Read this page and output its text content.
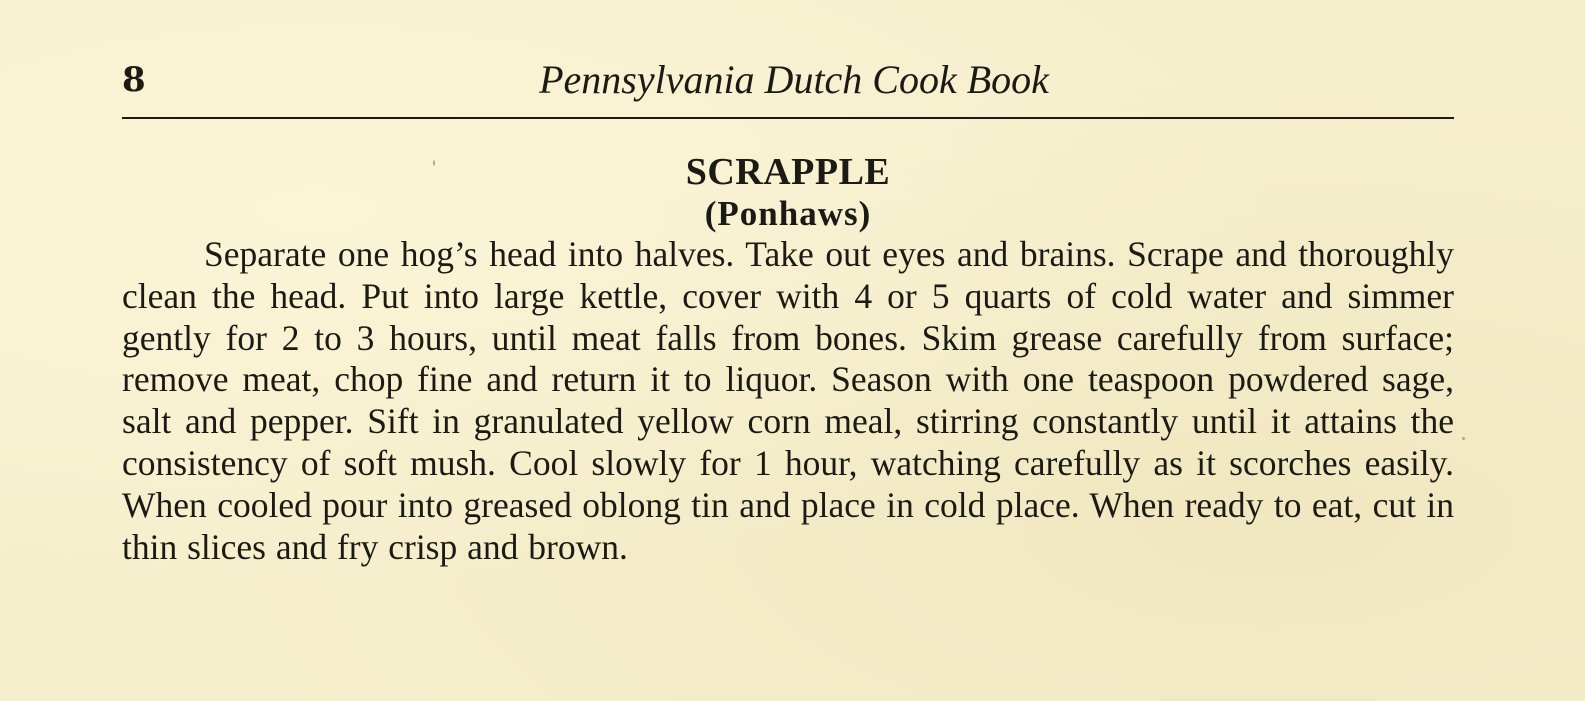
8	Pennsylvania Dutch Cook Book
SCRAPPLE
(Ponhaws)

Separate one hog’s head into halves. Take out eyes and brains. Scrape and thoroughly clean the head. Put into large kettle, cover with 4 or 5 quarts of cold water and simmer gently for 2 to 3 hours, until meat falls from bones. Skim grease carefully from surface; remove meat, chop fine and return it to liquor. Season with one teaspoon powdered sage, salt and pepper. Sift in granulated yellow corn meal, stirring constantly until it attains the consistency of soft mush. Cool slowly for 1 hour, watching carefully as it scorches easily. When cooled pour into greased oblong tin and place in cold place. When ready to eat, cut in thin slices and fry crisp and brown.
